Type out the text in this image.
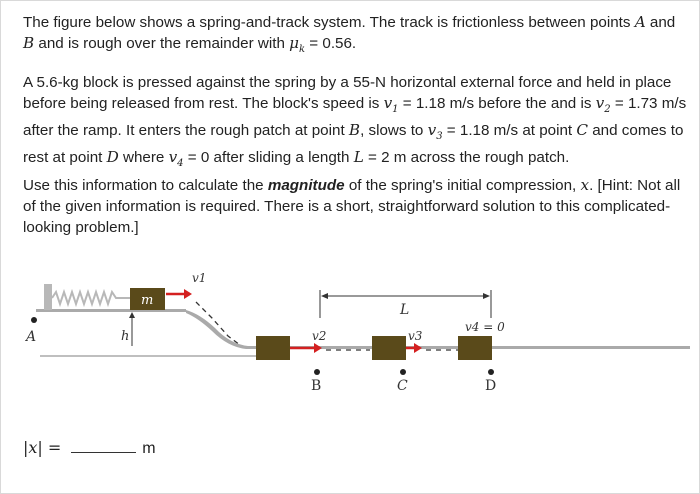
The figure below shows a spring-and-track system. The track is frictionless between points A and B and is rough over the remainder with $\mu_k = 0.56$.

A 5.6-kg block is pressed against the spring by a 55-N horizontal external force and held in place before being released from rest. The block's speed is $v_1 = 1.18$ m/s before the and is $v_2 = 1.73$ m/s after the ramp. It enters the rough patch at point B, slows to $v_3 = 1.18$ m/s at point C and comes to rest at point D where $v_4 = 0$ after sliding a length L = 2 m across the rough patch.

Use this information to calculate the magnitude of the spring's initial compression, x. [Hint: Not all of the given information is required. There is a short, straightforward solution to this complicated-looking problem.]

m
v1
A	h
L
v2	v3
v4 = 0
B	C	D
|x| =	m
